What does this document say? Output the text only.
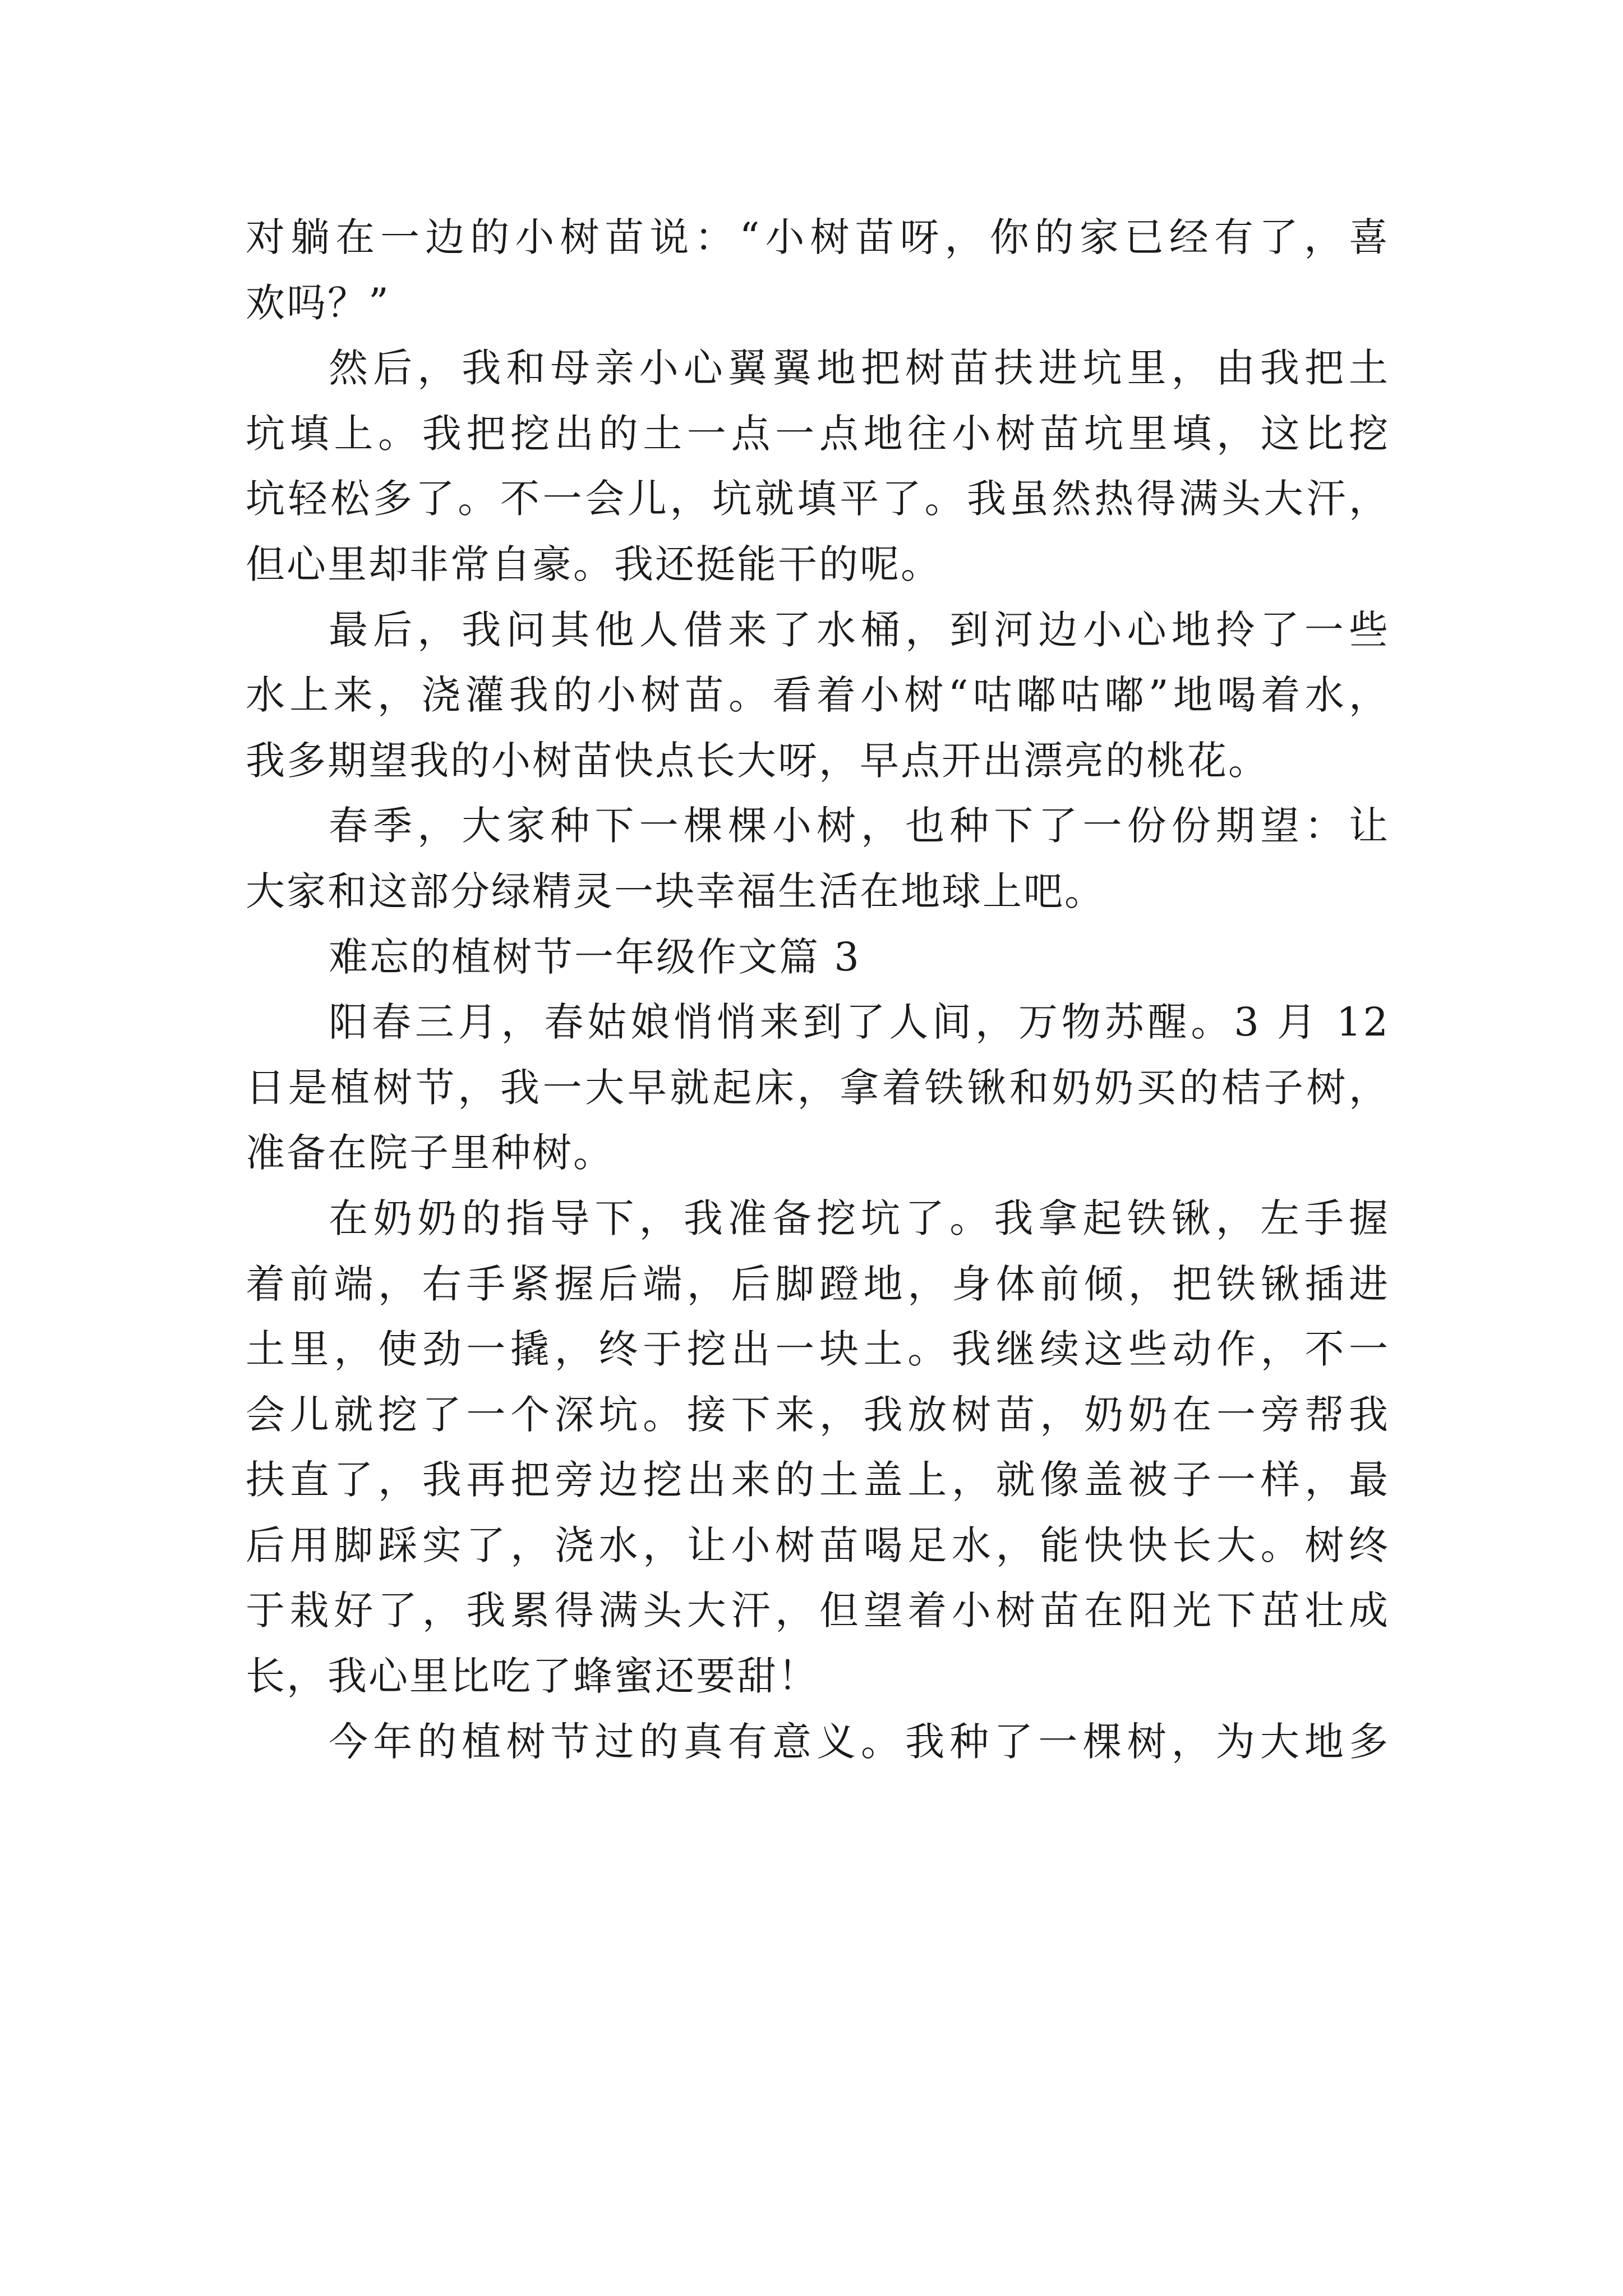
对躺在一边的小树苗说：“小树苗呀，你的家已经有了，喜
欢吗？”
然后，我和母亲小心翼翼地把树苗扶进坑里，由我把土
坑填上。我把挖出的土一点一点地往小树苗坑里填，这比挖
坑轻松多了。不一会儿，坑就填平了。我虽然热得满头大汗，
但心里却非常自豪。我还挺能干的呢。
最后，我问其他人借来了水桶，到河边小心地拎了一些
水上来，浇灌我的小树苗。看着小树“咕嘟咕嘟”地喝着水，
我多期望我的小树苗快点长大呀，早点开出漂亮的桃花。
春季，大家种下一棵棵小树，也种下了一份份期望：让
大家和这部分绿精灵一块幸福生活在地球上吧。
难忘的植树节一年级作文篇 3
阳春三月，春姑娘悄悄来到了人间，万物苏醒。3 月 12
日是植树节，我一大早就起床，拿着铁锹和奶奶买的桔子树，
准备在院子里种树。
在奶奶的指导下，我准备挖坑了。我拿起铁锹，左手握
着前端，右手紧握后端，后脚蹬地，身体前倾，把铁锹插进
土里，使劲一撬，终于挖出一块土。我继续这些动作，不一
会儿就挖了一个深坑。接下来，我放树苗，奶奶在一旁帮我
扶直了，我再把旁边挖出来的土盖上，就像盖被子一样，最
后用脚踩实了，浇水，让小树苗喝足水，能快快长大。树终
于栽好了，我累得满头大汗，但望着小树苗在阳光下茁壮成
长，我心里比吃了蜂蜜还要甜！
今年的植树节过的真有意义。我种了一棵树，为大地多
